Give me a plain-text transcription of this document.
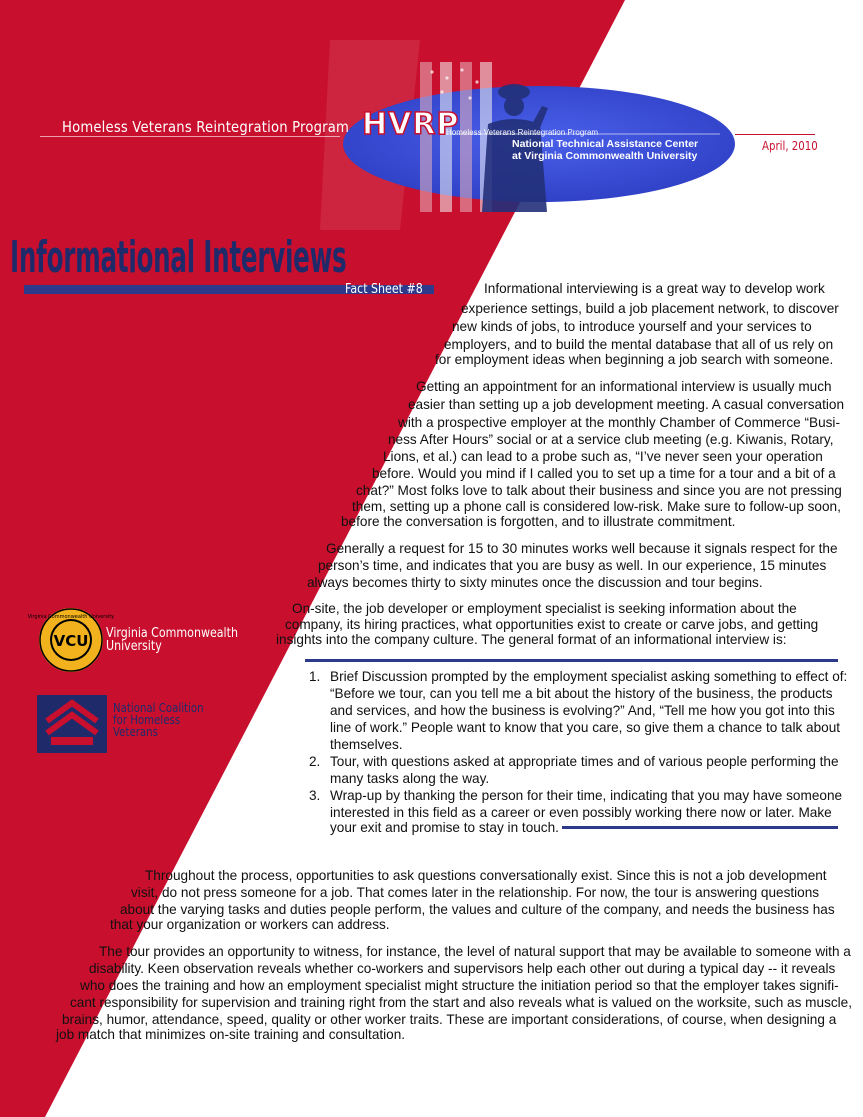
Homeless Veterans Reintegration Program HVRP
Homeless Veterans Reintegration Program
National Technical Assistance Center
at Virginia Commonwealth University
April, 2010
Informational Interviews
Fact Sheet #8	Informational interviewing is a great way to develop work
experience settings, build a job placement network, to discover
new kinds of jobs, to introduce yourself and your services to
employers, and to build the mental database that all of us rely on
for employment ideas when beginning a job search with someone.
Getting an appointment for an informational interview is usually much
easier than setting up a job development meeting. A casual conversation
with a prospective employer at the monthly Chamber of Commerce “Busi-
ness After Hours” social or at a service club meeting (e.g. Kiwanis, Rotary,
Lions, et al.) can lead to a probe such as, “I’ve never seen your operation
before. Would you mind if I called you to set up a time for a tour and a bit of a
chat?” Most folks love to talk about their business and since you are not pressing
them, setting up a phone call is considered low-risk. Make sure to follow-up soon,
before the conversation is forgotten, and to illustrate commitment.
Generally a request for 15 to 30 minutes works well because it signals respect for the
person’s time, and indicates that you are busy as well. In our experience, 15 minutes
always becomes thirty to sixty minutes once the discussion and tour begins.
On-site, the job developer or employment specialist is seeking information about the
company, its hiring practices, what opportunities exist to create or carve jobs, and getting
insights into the company culture. The general format of an informational interview is:
1. Brief Discussion prompted by the employment specialist asking something to effect of:
“Before we tour, can you tell me a bit about the history of the business, the products
and services, and how the business is evolving?” And, “Tell me how you got into this
line of work.” People want to know that you care, so give them a chance to talk about
themselves.
2. Tour, with questions asked at appropriate times and of various people performing the
many tasks along the way.
3. Wrap-up by thanking the person for their time, indicating that you may have someone
interested in this field as a career or even possibly working there now or later. Make
your exit and promise to stay in touch.
Throughout the process, opportunities to ask questions conversationally exist. Since this is not a job development
visit, do not press someone for a job. That comes later in the relationship. For now, the tour is answering questions
about the varying tasks and duties people perform, the values and culture of the company, and needs the business has
that your organization or workers can address.
The tour provides an opportunity to witness, for instance, the level of natural support that may be available to someone with a
disability. Keen observation reveals whether co-workers and supervisors help each other out during a typical day -- it reveals
who does the training and how an employment specialist might structure the initiation period so that the employer takes signifi-
cant responsibility for supervision and training right from the start and also reveals what is valued on the worksite, such as muscle,
brains, humor, attendance, speed, quality or other worker traits. These are important considerations, of course, when designing a
job match that minimizes on-site training and consultation.
VCU
Virginia Commonwealth University
Virginia Commonwealth
University
National Coalition
for Homeless
Veterans
